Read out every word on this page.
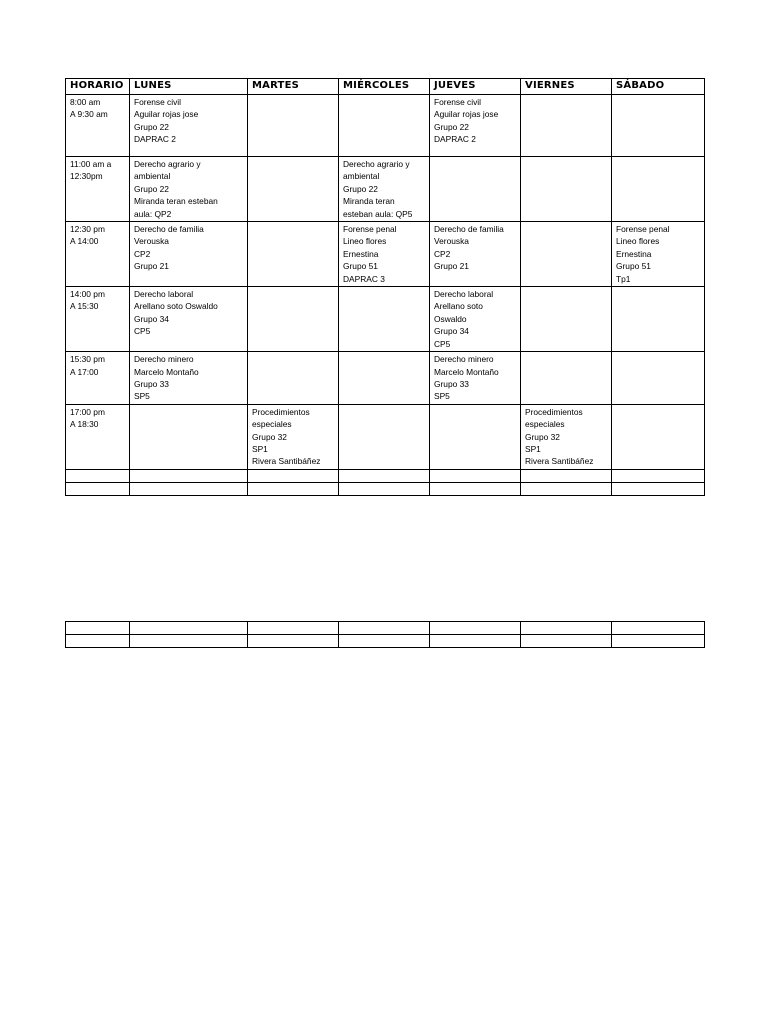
HORARIO	LUNES	MARTES	MIÉRCOLES	JUEVES	VIERNES	SÁBADO

8:00 am
A 9:30 am	Forense civil
Aguilar rojas jose
Grupo 22
DAPRAC 2			Forense civil
Aguilar rojas jose
Grupo 22
DAPRAC 2		

11:00 am a
12:30pm	Derecho agrario y
ambiental
Grupo 22
Miranda teran esteban
aula: QP2		Derecho agrario y
ambiental
Grupo 22
Miranda teran
esteban aula: QP5			

12:30 pm
A 14:00	Derecho de familia
Verouska
CP2
Grupo 21		Forense penal
Lineo flores
Ernestina
Grupo 51
DAPRAC 3	Derecho de familia
Verouska
CP2
Grupo 21		Forense penal
Lineo flores
Ernestina
Grupo 51
Tp1

14:00 pm
A 15:30	Derecho laboral
Arellano soto Oswaldo
Grupo 34
CP5			Derecho laboral
Arellano soto
Oswaldo
Grupo 34
CP5		

15:30 pm
A 17:00	Derecho minero
Marcelo Montaño
Grupo 33
SP5			Derecho minero
Marcelo Montaño
Grupo 33
SP5		

17:00 pm
A 18:30		Procedimientos
especiales
Grupo 32
SP1
Rivera Santibáñez			Procedimientos
especiales
Grupo 32
SP1
Rivera Santibáñez	
